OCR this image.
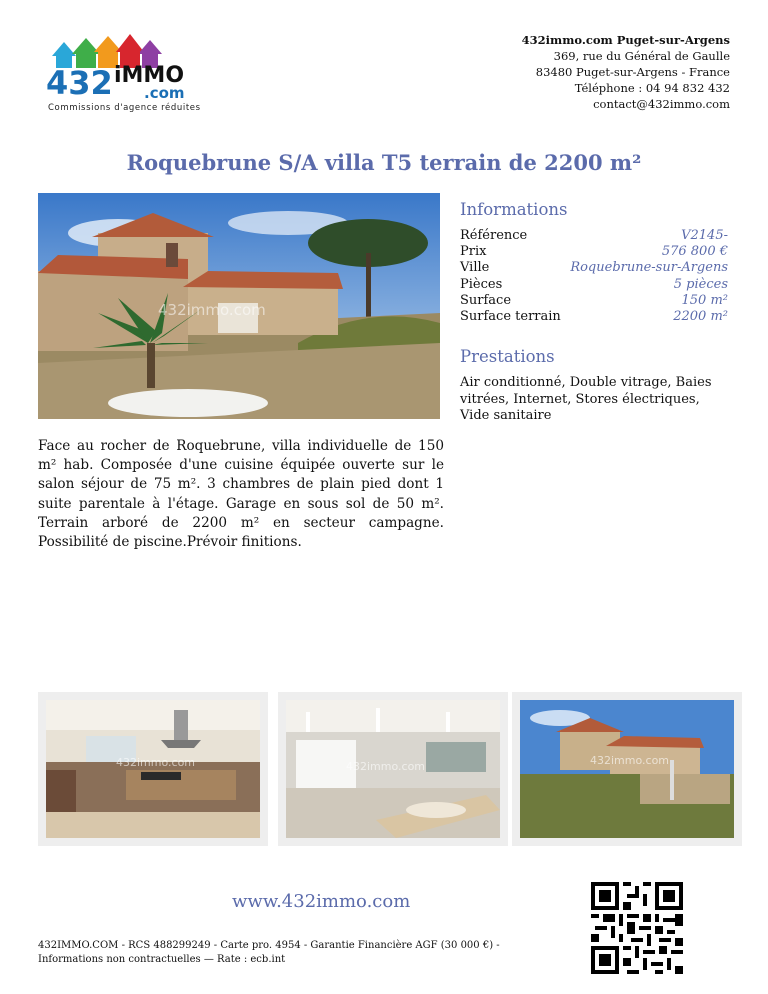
432 iMMO
.com
Commissions d'agence réduites
432immo.com Puget-sur-Argens
369, rue du Général de Gaulle
83480 Puget-sur-Argens - France
Téléphone : 04 94 832 432
contact@432immo.com
Roquebrune S/A villa T5 terrain de 2200 m²
432immo.com
Informations
Référence	V2145-
Prix	576 800 €
Ville	Roquebrune-sur-Argens
Pièces	5 pièces
Surface	150 m²
Surface terrain	2200 m²
Prestations
Air conditionné, Double vitrage, Baies vitrées, Internet, Stores électriques, Vide sanitaire
Face au rocher de Roquebrune, villa individuelle de 150 m² hab. Composée d'une cuisine équipée ouverte sur le salon séjour de 75 m². 3 chambres de plain pied dont 1 suite parentale à l'étage. Garage en sous sol de 50 m². Terrain arboré de 2200 m² en secteur campagne. Possibilité de piscine.Prévoir finitions.
432immo.com	432immo.com	432immo.com
www.432immo.com
432IMMO.COM - RCS 488299249 - Carte pro. 4954 - Garantie Financière AGF (30 000 €) -
Informations non contractuelles — Rate : ecb.int
